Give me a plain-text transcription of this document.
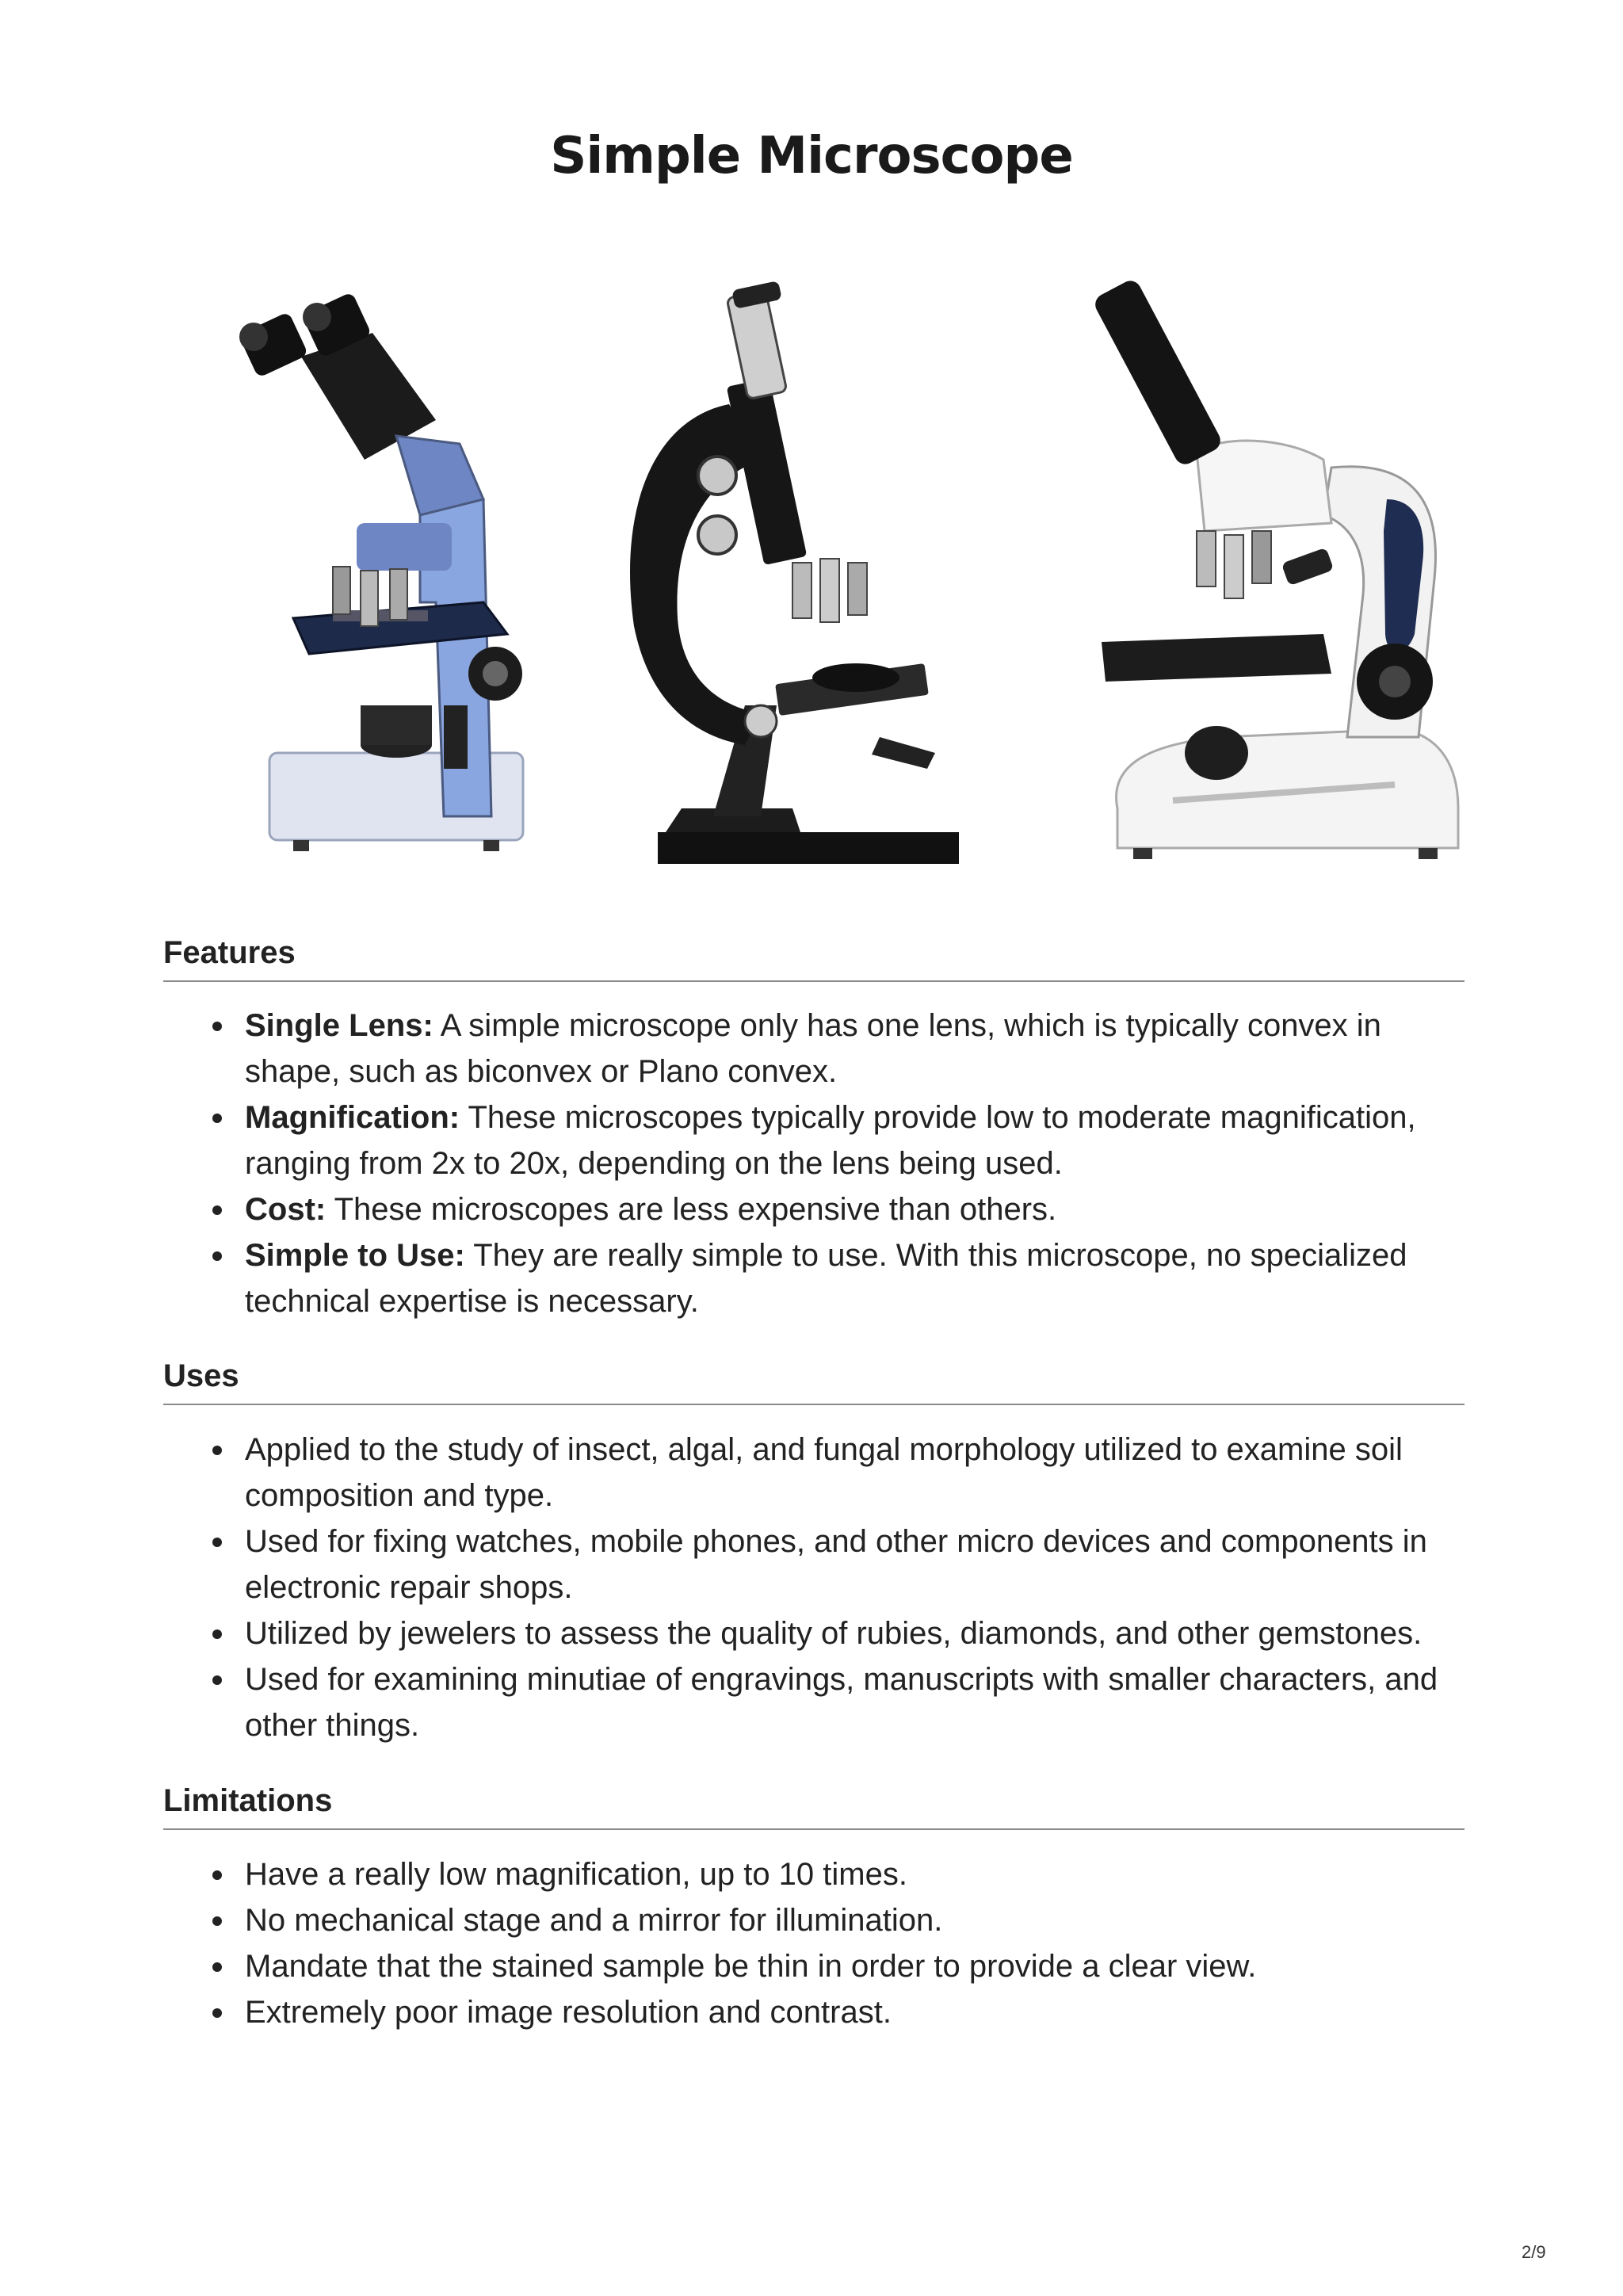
Simple Microscope
Features
Single Lens: A simple microscope only has one lens, which is typically convex in shape, such as biconvex or Plano convex.
Magnification: These microscopes typically provide low to moderate magnification, ranging from 2x to 20x, depending on the lens being used.
Cost: These microscopes are less expensive than others.
Simple to Use: They are really simple to use. With this microscope, no specialized technical expertise is necessary.
Uses
Applied to the study of insect, algal, and fungal morphology utilized to examine soil composition and type.
Used for fixing watches, mobile phones, and other micro devices and components in electronic repair shops.
Utilized by jewelers to assess the quality of rubies, diamonds, and other gemstones.
Used for examining minutiae of engravings, manuscripts with smaller characters, and other things.
Limitations
Have a really low magnification, up to 10 times.
No mechanical stage and a mirror for illumination.
Mandate that the stained sample be thin in order to provide a clear view.
Extremely poor image resolution and contrast.
2/9
